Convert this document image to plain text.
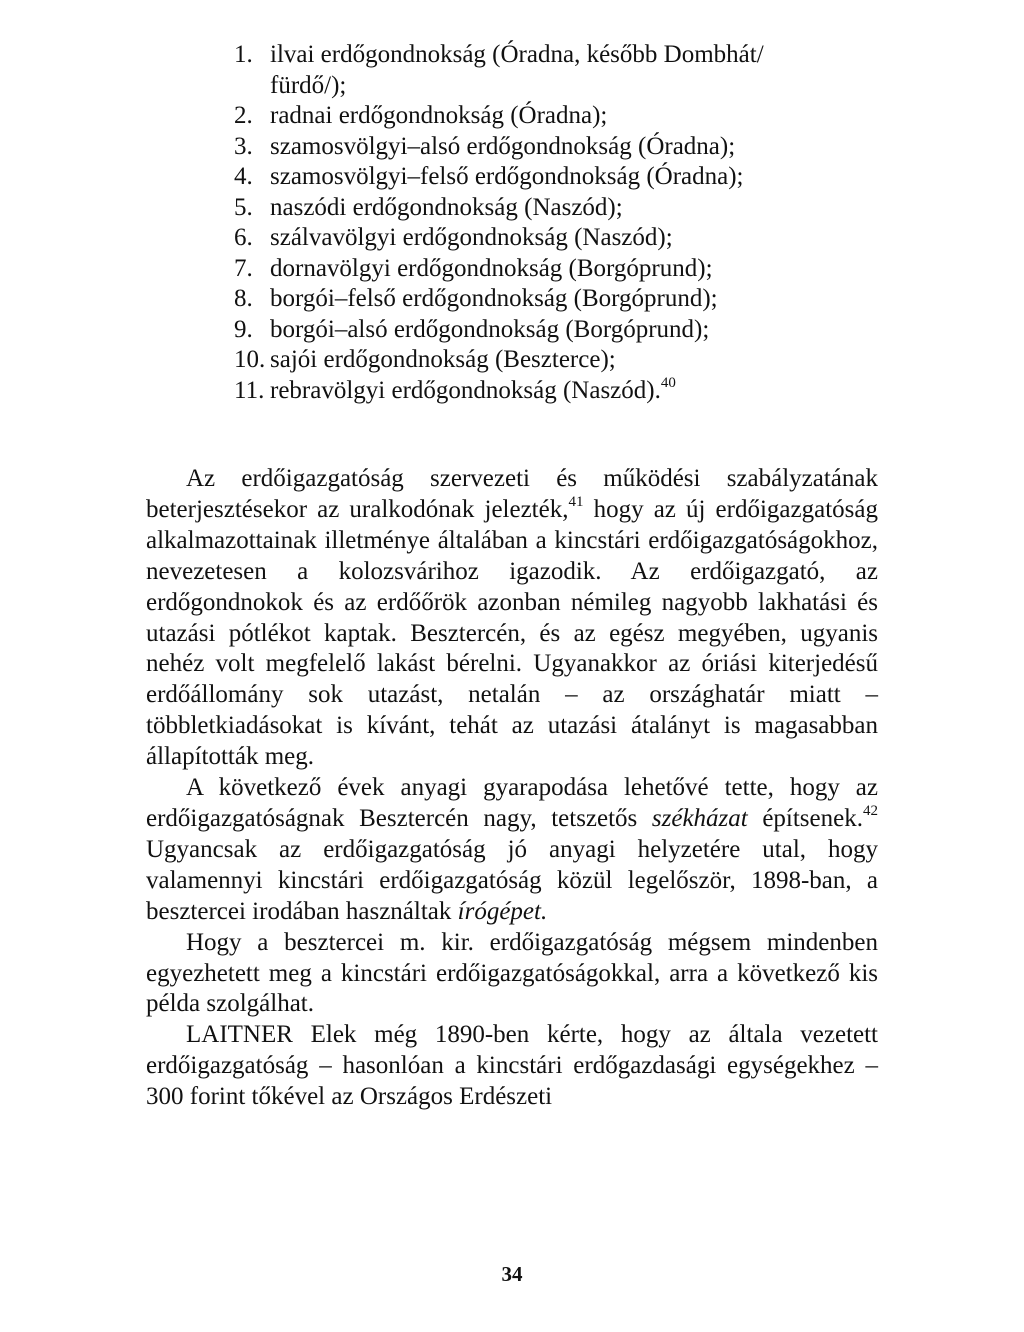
1. ilvai erdőgondnokság (Óradna, később Dombhát/
fürdő/);
2. radnai erdőgondnokság (Óradna);
3. szamosvölgyi–alsó erdőgondnokság (Óradna);
4. szamosvölgyi–felső erdőgondnokság (Óradna);
5. naszódi erdőgondnokság (Naszód);
6. szálvavölgyi erdőgondnokság (Naszód);
7. dornavölgyi erdőgondnokság (Borgóprund);
8. borgói–felső erdőgondnokság (Borgóprund);
9. borgói–alsó erdőgondnokság (Borgóprund);
10. sajói erdőgondnokság (Beszterce);
11. rebravölgyi erdőgondnokság (Naszód).$^{40}$

Az erdőigazgatóság szervezeti és működési szabályzatának beterjesztésekor az uralkodónak jelezték,$^{41}$ hogy az új erdőigazgatóság alkalmazottainak illetménye általában a kincstári erdőigazgatóságokhoz, nevezetesen a kolozsvárihoz igazodik. Az erdőigazgató, az erdőgondnokok és az erdőőrök azonban némileg nagyobb lakhatási és utazási pótlékot kaptak. Besztercén, és az egész megyében, ugyanis nehéz volt megfelelő lakást bérelni. Ugyanakkor az óriási kiterjedésű erdőállomány sok utazást, netalán – az országhatár miatt – többletkiadásokat is kívánt, tehát az utazási átalányt is magasabban állapították meg.

A következő évek anyagi gyarapodása lehetővé tette, hogy az erdőigazgatóságnak Besztercén nagy, tetszetős székházat építsenek.$^{42}$ Ugyancsak az erdőigazgatóság jó anyagi helyzetére utal, hogy valamennyi kincstári erdőigazgatóság közül legelőször, 1898-ban, a besztercei irodában használtak írógépet.

Hogy a besztercei m. kir. erdőigazgatóság mégsem mindenben egyezhetett meg a kincstári erdőigazgatóságokkal, arra a következő kis példa szolgálhat.

LAITNER Elek még 1890-ben kérte, hogy az általa vezetett erdőigazgatóság – hasonlóan a kincstári erdőgazdasági egységekhez – 300 forint tőkével az Országos Erdészeti

34
